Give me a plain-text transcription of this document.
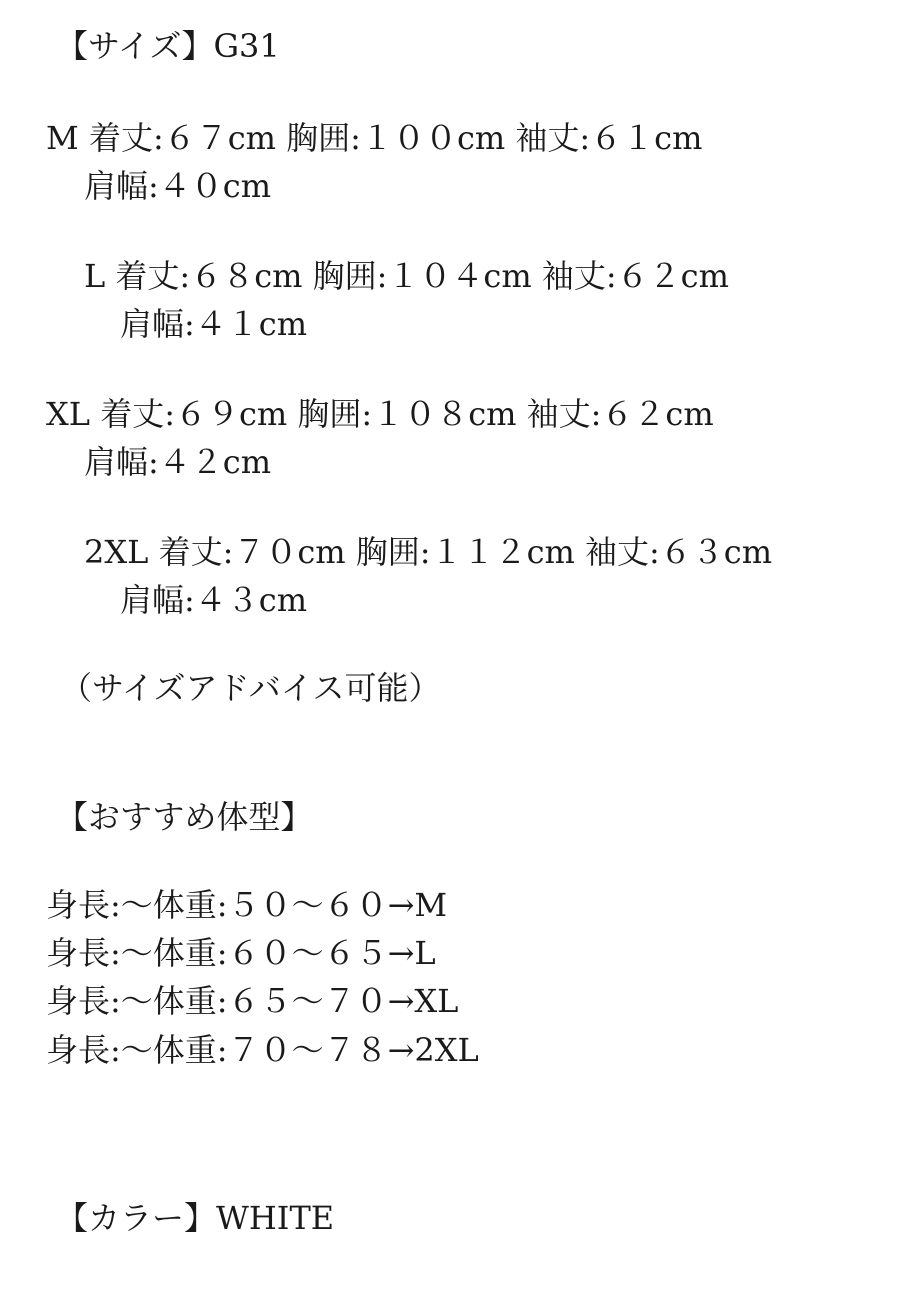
【サイズ】G31
M 着丈:６７cm 胸囲:１００cm 袖丈:６１cm
肩幅:４０cm
L 着丈:６８cm 胸囲:１０４cm 袖丈:６２cm
肩幅:４１cm
XL 着丈:６９cm 胸囲:１０８cm 袖丈:６２cm
肩幅:４２cm
2XL 着丈:７０cm 胸囲:１１２cm 袖丈:６３cm
肩幅:４３cm
（サイズアドバイス可能）
【おすすめ体型】
身長:〜体重:５０〜６０→M
身長:〜体重:６０〜６５→L
身長:〜体重:６５〜７０→XL
身長:〜体重:７０〜７８→2XL
【カラー】WHITE
